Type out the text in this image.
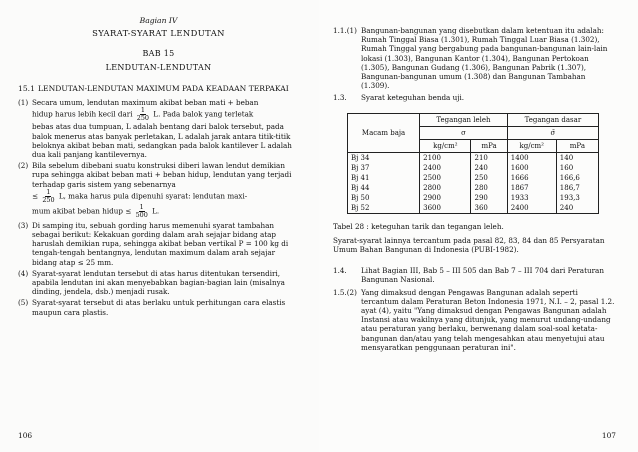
Bagian IV
SYARAT-SYARAT LENDUTAN
BAB 15
LENDUTAN-LENDUTAN
15.1 LENDUTAN-LENDUTAN MAXIMUM PADA KEADAAN TERPAKAI
(1) Secara umum, lendutan maximum akibat beban mati + beban
hidup harus lebih kecil dari $\frac{1}{250} L$. Pada balok yang terletak
bebas atas dua tumpuan, L adalah bentang dari balok tersebut, pada balok menerus atas banyak perletakan, L adalah jarak antara titik-titik beloknya akibat beban mati, sedangkan pada balok kantilever L adalah dua kali panjang kantilevernya.
(2) Bila sebelum dibebani suatu konstruksi diberi lawan lendut demikian rupa sehingga akibat beban mati + beban hidup, lendutan yang terjadi terhadap garis sistem yang sebenarnya
≤ $\frac{1}{250} L$, maka harus pula dipenuhi syarat: lendutan maxi-
mum akibat beban hidup ≤ $\frac{1}{500} L$.
(3) Di samping itu, sebuah gording harus memenuhi syarat tambahan sebagai berikut: Kekakuan gording dalam arah sejajar bidang atap haruslah demikian rupa, sehingga akibat beban vertikal P = 100 kg di tengah-tengah bentangnya, lendutan maximum dalam arah sejajar bidang atap ≤ 25 mm.
(4) Syarat-syarat lendutan tersebut di atas harus ditentukan tersendiri, apabila lendutan ini akan menyebabkan bagian-bagian lain (misalnya dinding, jendela, dsb.) menjadi rusak.
(5) Syarat-syarat tersebut di atas berlaku untuk perhitungan cara elastis maupun cara plastis.
106
1.1.(1) Bangunan-bangunan yang disebutkan dalam ketentuan itu adalah: Rumah Tinggal Biasa (1.301), Rumah Tinggal Luar Biasa (1.302), Rumah Tinggal yang bergabung pada bangunan-bangunan lain-lain lokasi (1.303), Bangunan Kantor (1.304), Bangunan Pertokoan (1.305), Bangunan Gudang (1.306), Bangunan Pabrik (1.307), Bangunan-bangunan umum (1.308) dan Bangunan Tambahan (1.309).
1.3.	Syarat keteguhan benda uji.
Macam baja	Tegangan leleh		Tegangan dasar	
	σ		σ̄	
	kg/cm²	mPa	kg/cm²	mPa
Bj 34	2100	210	1400	140
Bj 37	2400	240	1600	160
Bj 41	2500	250	1666	166,6
Bj 44	2800	280	1867	186,7
Bj 50	2900	290	1933	193,3
Bj 52	3600	360	2400	240
Tabel 28 : keteguhan tarik dan tegangan leleh.
Syarat-syarat lainnya tercantum pada pasal 82, 83, 84 dan 85 Persyaratan Umum Bahan Bangunan di Indonesia (PUBI-1982).
1.4.	Lihat Bagian III, Bab 5 – III 505 dan Bab 7 – III 704 dari Peraturan Bangunan Nasional.
1.5.(2) Yang dimaksud dengan Pengawas Bangunan adalah seperti tercantum dalam Peraturan Beton Indonesia 1971, N.I. – 2, pasal 1.2. ayat (4), yaitu "Yang dimaksud dengan Pengawas Bangunan adalah Instansi atau wakilnya yang ditunjuk, yang menurut undang-undang atau peraturan yang berlaku, berwenang dalam soal-soal ketata-bangunan dan/atau yang telah mengesahkan atau menyetujui atau mensyaratkan penggunaan peraturan ini".
107
